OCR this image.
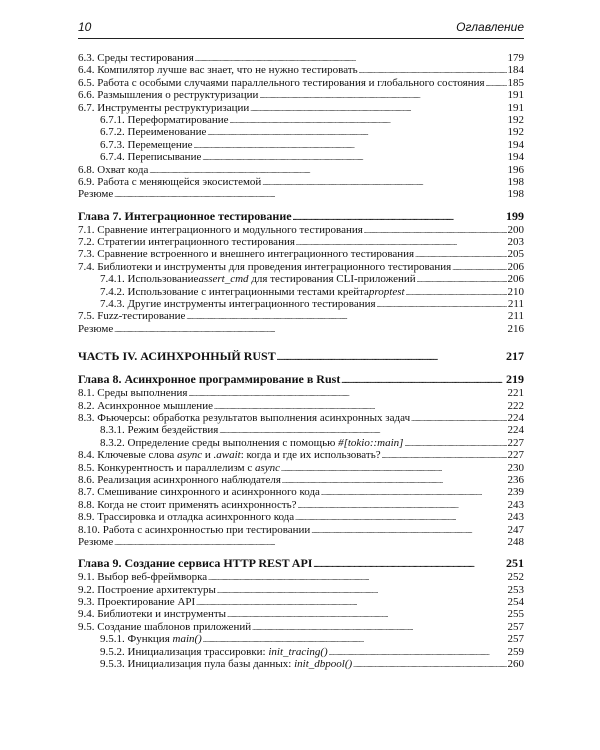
10	Оглавление
6.3. Среды тестирования . . .	179
6.4. Компилятор лучше вас знает, что не нужно тестировать . . .	184
6.5. Работа с особыми случаями параллельного тестирования и глобального состояния . . . 185
6.6. Размышления о реструктуризации . . .	191
6.7. Инструменты реструктуризации . . .	191
6.7.1. Переформатирование . . .	192
6.7.2. Переименование . . .	192
6.7.3. Перемещение . . .	194
6.7.4. Переписывание . . .	194
6.8. Охват кода . . .	196
6.9. Работа с меняющейся экосистемой . . .	198
Резюме . . .	198
Глава 7. Интеграционное тестирование . . .	199
7.1. Сравнение интеграционного и модульного тестирования . . .	200
7.2. Стратегии интеграционного тестирования . . .	203
7.3. Сравнение встроенного и внешнего интеграционного тестирования . . .	205
7.4. Библиотеки и инструменты для проведения интеграционного тестирования . . .	206
7.4.1. Использованиеassert_cmd для тестирования CLI-приложений . . .	206
7.4.2. Использование с интеграционными тестами крейтаproptest . . .	210
7.4.3. Другие инструменты интеграционного тестирования . . .	211
7.5. Fuzz-тестирование . . .	211
Резюме . . .	216
ЧАСТЬ IV. АСИНХРОННЫЙ RUST . . .	217
Глава 8. Асинхронное программирование в Rust . . .	219
8.1. Среды выполнения . . .	221
8.2. Асинхронное мышление . . .	222
8.3. Фьючерсы: обработка результатов выполнения асинхронных задач . . .	224
8.3.1. Режим бездействия . . .	224
8.3.2. Определение среды выполнения с помощью #[tokio::main] . . .	227
8.4. Ключевые слова async и .await: когда и где их использовать? . . .	227
8.5. Конкурентность и параллелизм с async . . .	230
8.6. Реализация асинхронного наблюдателя . . .	236
8.7. Смешивание синхронного и асинхронного кода . . .	239
8.8. Когда не стоит применять асинхронность? . . .	243
8.9. Трассировка и отладка асинхронного кода . . .	243
8.10. Работа с асинхронностью при тестировании . . .	247
Резюме . . .	248
Глава 9. Создание сервиса HTTP REST API . . .	251
9.1. Выбор веб-фреймворка . . .	252
9.2. Построение архитектуры . . .	253
9.3. Проектирование API . . .	254
9.4. Библиотеки и инструменты . . .	255
9.5. Создание шаблонов приложений . . .	257
9.5.1. Функция main() . . .	257
9.5.2. Инициализация трассировки: init_tracing() . . .	259
9.5.3. Инициализация пула базы данных: init_dbpool() . . .	260
